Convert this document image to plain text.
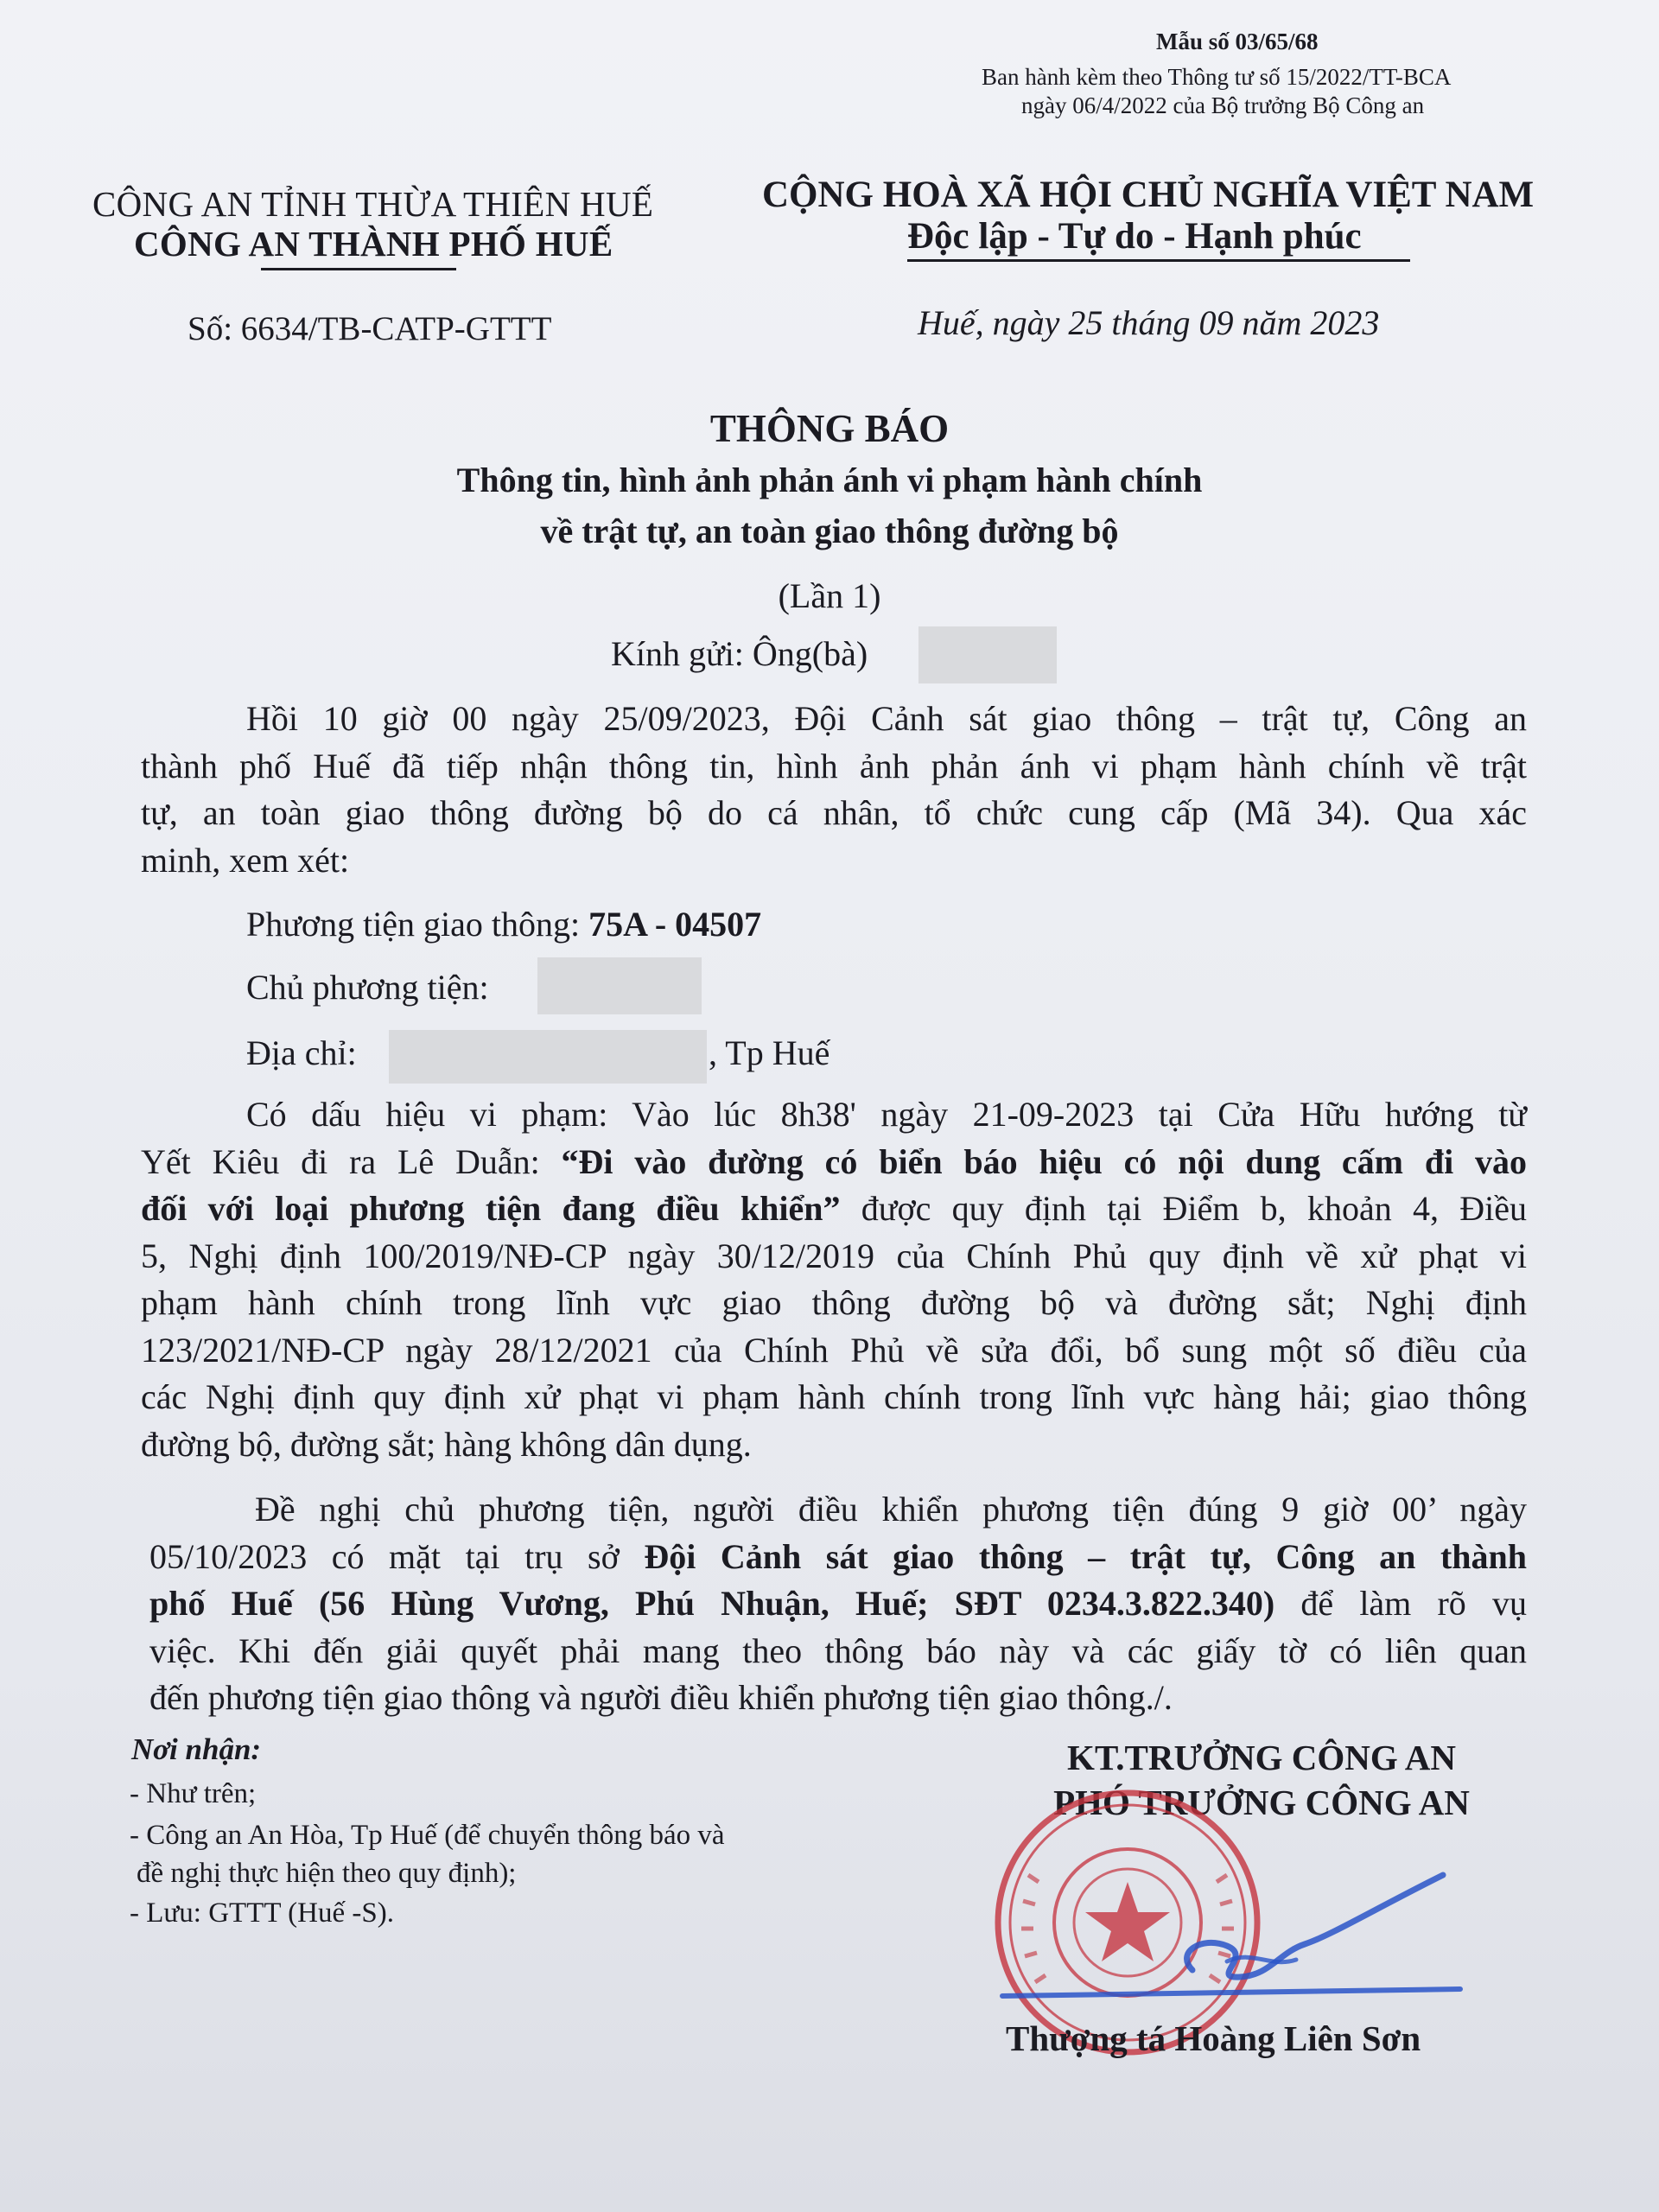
Mẫu số 03/65/68
Ban hành kèm theo Thông tư số 15/2022/TT-BCA
ngày 06/4/2022 của Bộ trưởng Bộ Công an
CÔNG AN TỈNH THỪA THIÊN HUẾ
CÔNG AN THÀNH PHỐ HUẾ
Số: 6634/TB-CATP-GTTT
CỘNG HOÀ XÃ HỘI CHỦ NGHĨA VIỆT NAM
Độc lập - Tự do - Hạnh phúc
Huế, ngày 25 tháng 09 năm 2023
THÔNG BÁO
Thông tin, hình ảnh phản ánh vi phạm hành chính
về trật tự, an toàn giao thông đường bộ
(Lần 1)
Kính gửi: Ông(bà)
Hồi 10 giờ 00 ngày 25/09/2023, Đội Cảnh sát giao thông – trật tự, Công an
thành phố Huế đã tiếp nhận thông tin, hình ảnh phản ánh vi phạm hành chính về trật
tự, an toàn giao thông đường bộ do cá nhân, tổ chức cung cấp (Mã 34). Qua xác
minh, xem xét:
Phương tiện giao thông: 75A - 04507
Chủ phương tiện:
Địa chỉ:	, Tp Huế
Có dấu hiệu vi phạm: Vào lúc 8h38' ngày 21-09-2023 tại Cửa Hữu hướng từ
Yết Kiêu đi ra Lê Duẫn: “Đi vào đường có biển báo hiệu có nội dung cấm đi vào
đối với loại phương tiện đang điều khiển” được quy định tại Điểm b, khoản 4, Điều
5, Nghị định 100/2019/NĐ-CP ngày 30/12/2019 của Chính Phủ quy định về xử phạt vi
phạm hành chính trong lĩnh vực giao thông đường bộ và đường sắt; Nghị định
123/2021/NĐ-CP ngày 28/12/2021 của Chính Phủ về sửa đổi, bổ sung một số điều của
các Nghị định quy định xử phạt vi phạm hành chính trong lĩnh vực hàng hải; giao thông
đường bộ, đường sắt; hàng không dân dụng.
Đề nghị chủ phương tiện, người điều khiển phương tiện đúng 9 giờ 00’ ngày
05/10/2023 có mặt tại trụ sở Đội Cảnh sát giao thông – trật tự, Công an thành
phố Huế (56 Hùng Vương, Phú Nhuận, Huế; SĐT 0234.3.822.340) để làm rõ vụ
việc. Khi đến giải quyết phải mang theo thông báo này và các giấy tờ có liên quan
đến phương tiện giao thông và người điều khiển phương tiện giao thông./.
Nơi nhận:
- Như trên;
- Công an An Hòa, Tp Huế (để chuyển thông báo và
đề nghị thực hiện theo quy định);
- Lưu: GTTT (Huế -S).
KT.TRƯỞNG CÔNG AN
PHÓ TRƯỞNG CÔNG AN
Thượng tá Hoàng Liên Sơn
